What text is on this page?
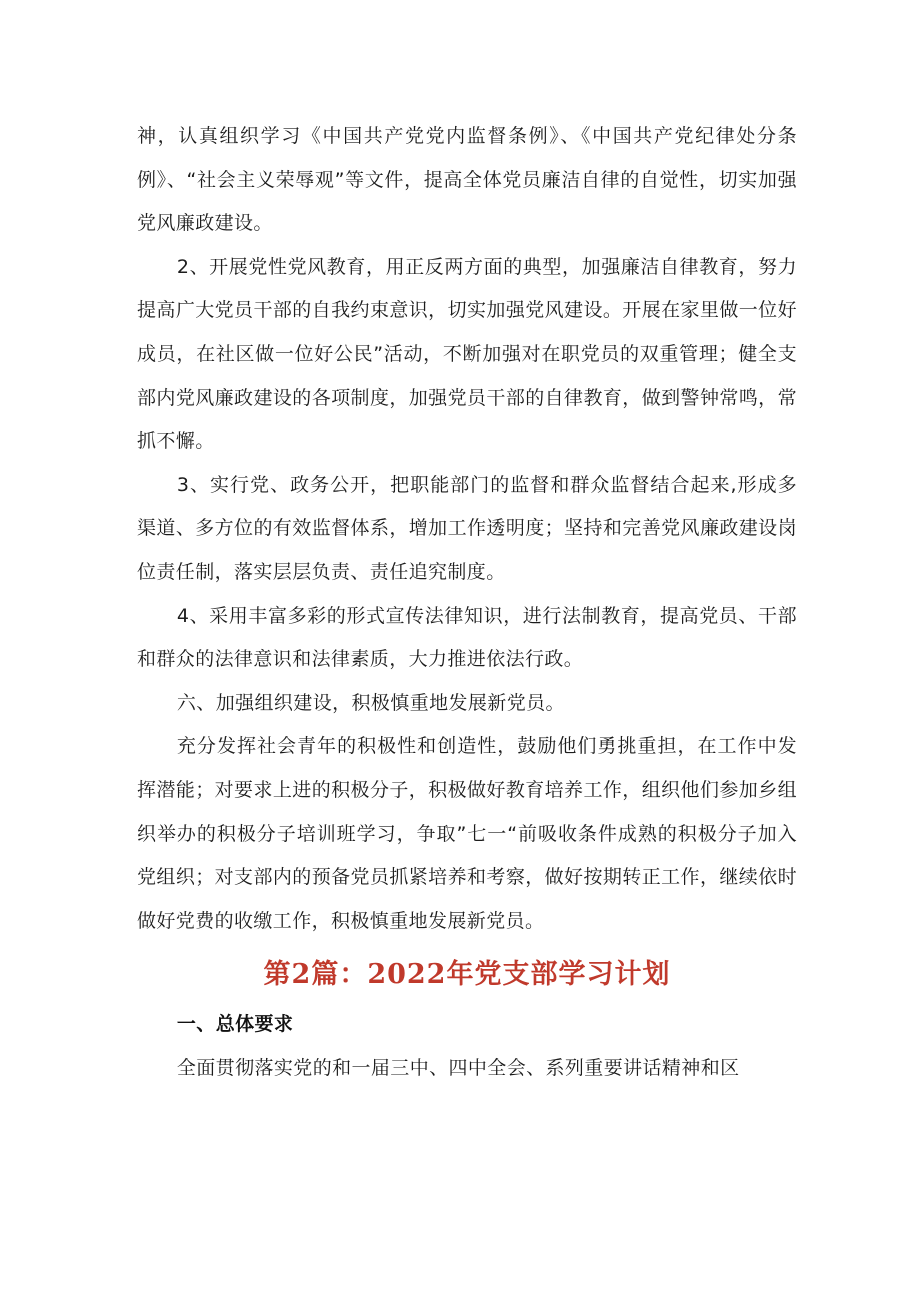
神，认真组织学习《中国共产党党内监督条例》、《中国共产党纪律处分条例》、“社会主义荣辱观”等文件，提高全体党员廉洁自律的自觉性，切实加强党风廉政建设。

2、开展党性党风教育，用正反两方面的典型，加强廉洁自律教育，努力提高广大党员干部的自我约束意识，切实加强党风建设。开展在家里做一位好成员，在社区做一位好公民”活动，不断加强对在职党员的双重管理；健全支部内党风廉政建设的各项制度，加强党员干部的自律教育，做到警钟常鸣，常抓不懈。

3、实行党、政务公开，把职能部门的监督和群众监督结合起来,形成多渠道、多方位的有效监督体系，增加工作透明度；坚持和完善党风廉政建设岗位责任制，落实层层负责、责任追究制度。

4、采用丰富多彩的形式宣传法律知识，进行法制教育，提高党员、干部和群众的法律意识和法律素质，大力推进依法行政。

六、加强组织建设，积极慎重地发展新党员。

充分发挥社会青年的积极性和创造性，鼓励他们勇挑重担，在工作中发挥潜能；对要求上进的积极分子，积极做好教育培养工作，组织他们参加乡组织举办的积极分子培训班学习，争取”七一“前吸收条件成熟的积极分子加入党组织；对支部内的预备党员抓紧培养和考察，做好按期转正工作，继续依时做好党费的收缴工作，积极慎重地发展新党员。

第2篇：2022年党支部学习计划

一、总体要求

全面贯彻落实党的和一届三中、四中全会、系列重要讲话精神和区
